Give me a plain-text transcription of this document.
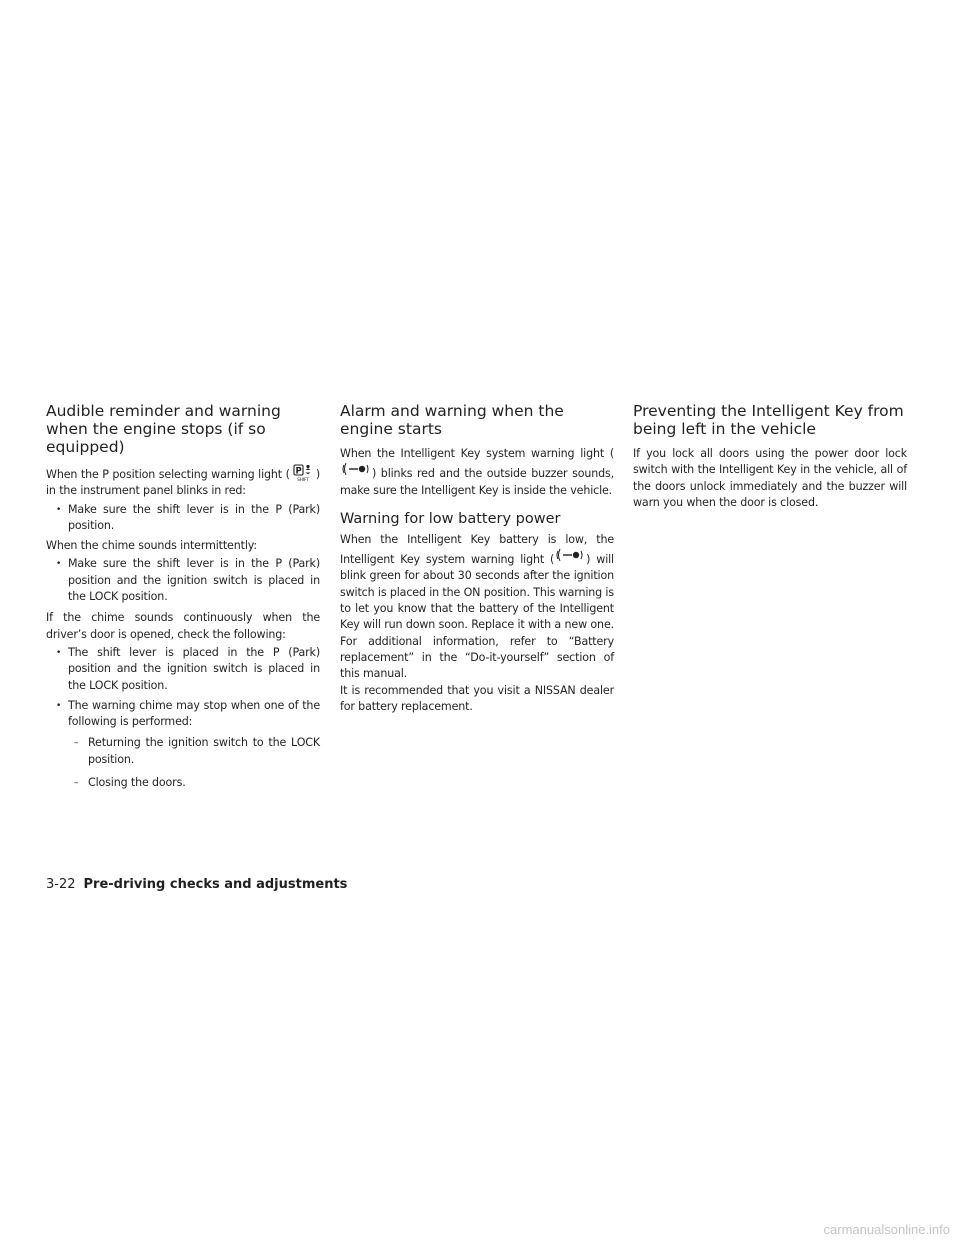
Audible reminder and warning when the engine stops (if so equipped)

When the P position selecting warning light ( P
SHIFT ) in the instrument panel blinks in red:

• Make sure the shift lever is in the P (Park) position.

When the chime sounds intermittently:

• Make sure the shift lever is in the P (Park) position and the ignition switch is placed in the LOCK position.

If the chime sounds continuously when the driver’s door is opened, check the following:

• The shift lever is placed in the P (Park) position and the ignition switch is placed in the LOCK position.
• The warning chime may stop when one of the following is performed:
– Returning the ignition switch to the LOCK position.
– Closing the doors.
Alarm and warning when the engine starts

When the Intelligent Key system warning light () blinks red and the outside buzzer sounds, make sure the Intelligent Key is inside the vehicle.

Warning for low battery power

When the Intelligent Key battery is low, the Intelligent Key system warning light (	) will blink green for about 30 seconds after the ignition switch is placed in the ON position. This warning is to let you know that the battery of the Intelligent Key will run down soon. Replace it with a new one. For additional information, refer to “Battery replacement” in the “Do-it-yourself” section of this manual.

It is recommended that you visit a NISSAN dealer for battery replacement.

Preventing the Intelligent Key from being left in the vehicle

If you lock all doors using the power door lock switch with the Intelligent Key in the vehicle, all of the doors unlock immediately and the buzzer will warn you when the door is closed.

3-22 Pre-driving checks and adjustments
carmanualsonline.info
